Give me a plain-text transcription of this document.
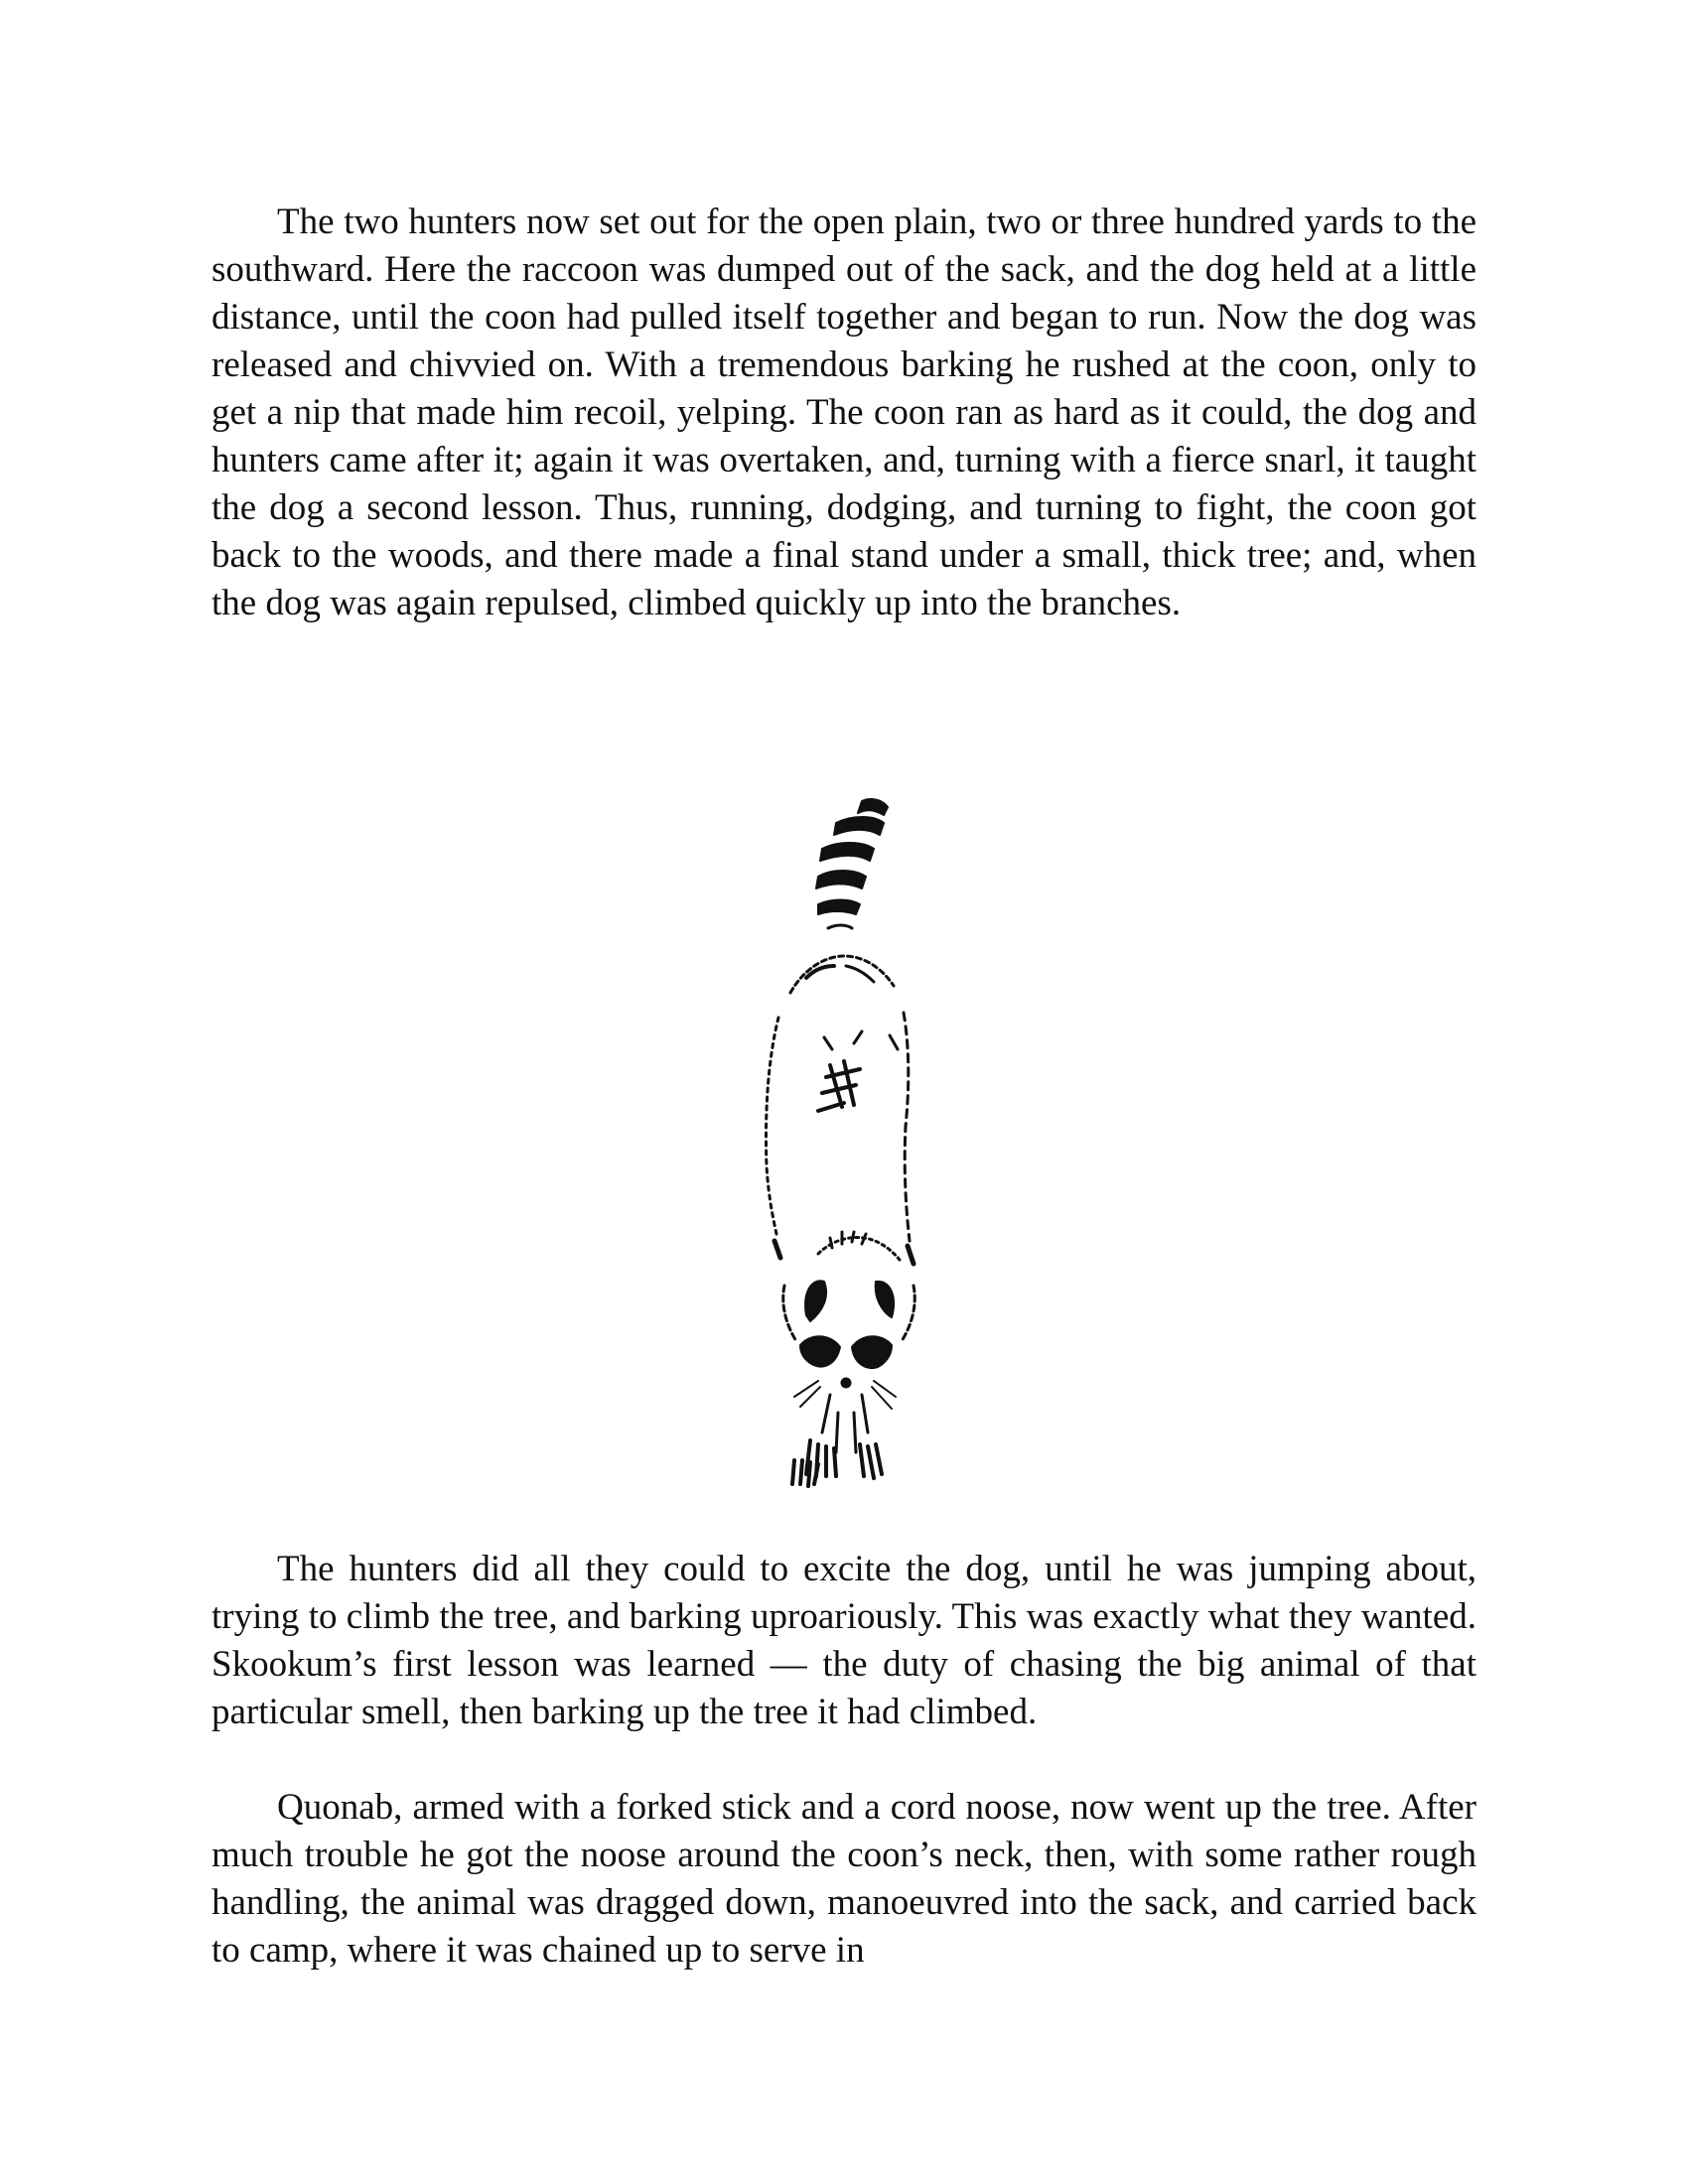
The two hunters now set out for the open plain, two or three hundred yards to the southward. Here the raccoon was dumped out of the sack, and the dog held at a little distance, until the coon had pulled itself together and began to run. Now the dog was released and chivvied on. With a tremendous barking he rushed at the coon, only to get a nip that made him recoil, yelping. The coon ran as hard as it could, the dog and hunters came after it; again it was overtaken, and, turning with a fierce snarl, it taught the dog a second lesson. Thus, running, dodging, and turning to fight, the coon got back to the woods, and there made a final stand under a small, thick tree; and, when the dog was again repulsed, climbed quickly up into the branches.

The hunters did all they could to excite the dog, until he was jumping about, trying to climb the tree, and barking uproariously. This was exactly what they wanted. Skookum’s first lesson was learned — the duty of chasing the big animal of that particular smell, then barking up the tree it had climbed.

Quonab, armed with a forked stick and a cord noose, now went up the tree. After much trouble he got the noose around the coon’s neck, then, with some rather rough handling, the animal was dragged down, manoeuvred into the sack, and carried back to camp, where it was chained up to serve in
